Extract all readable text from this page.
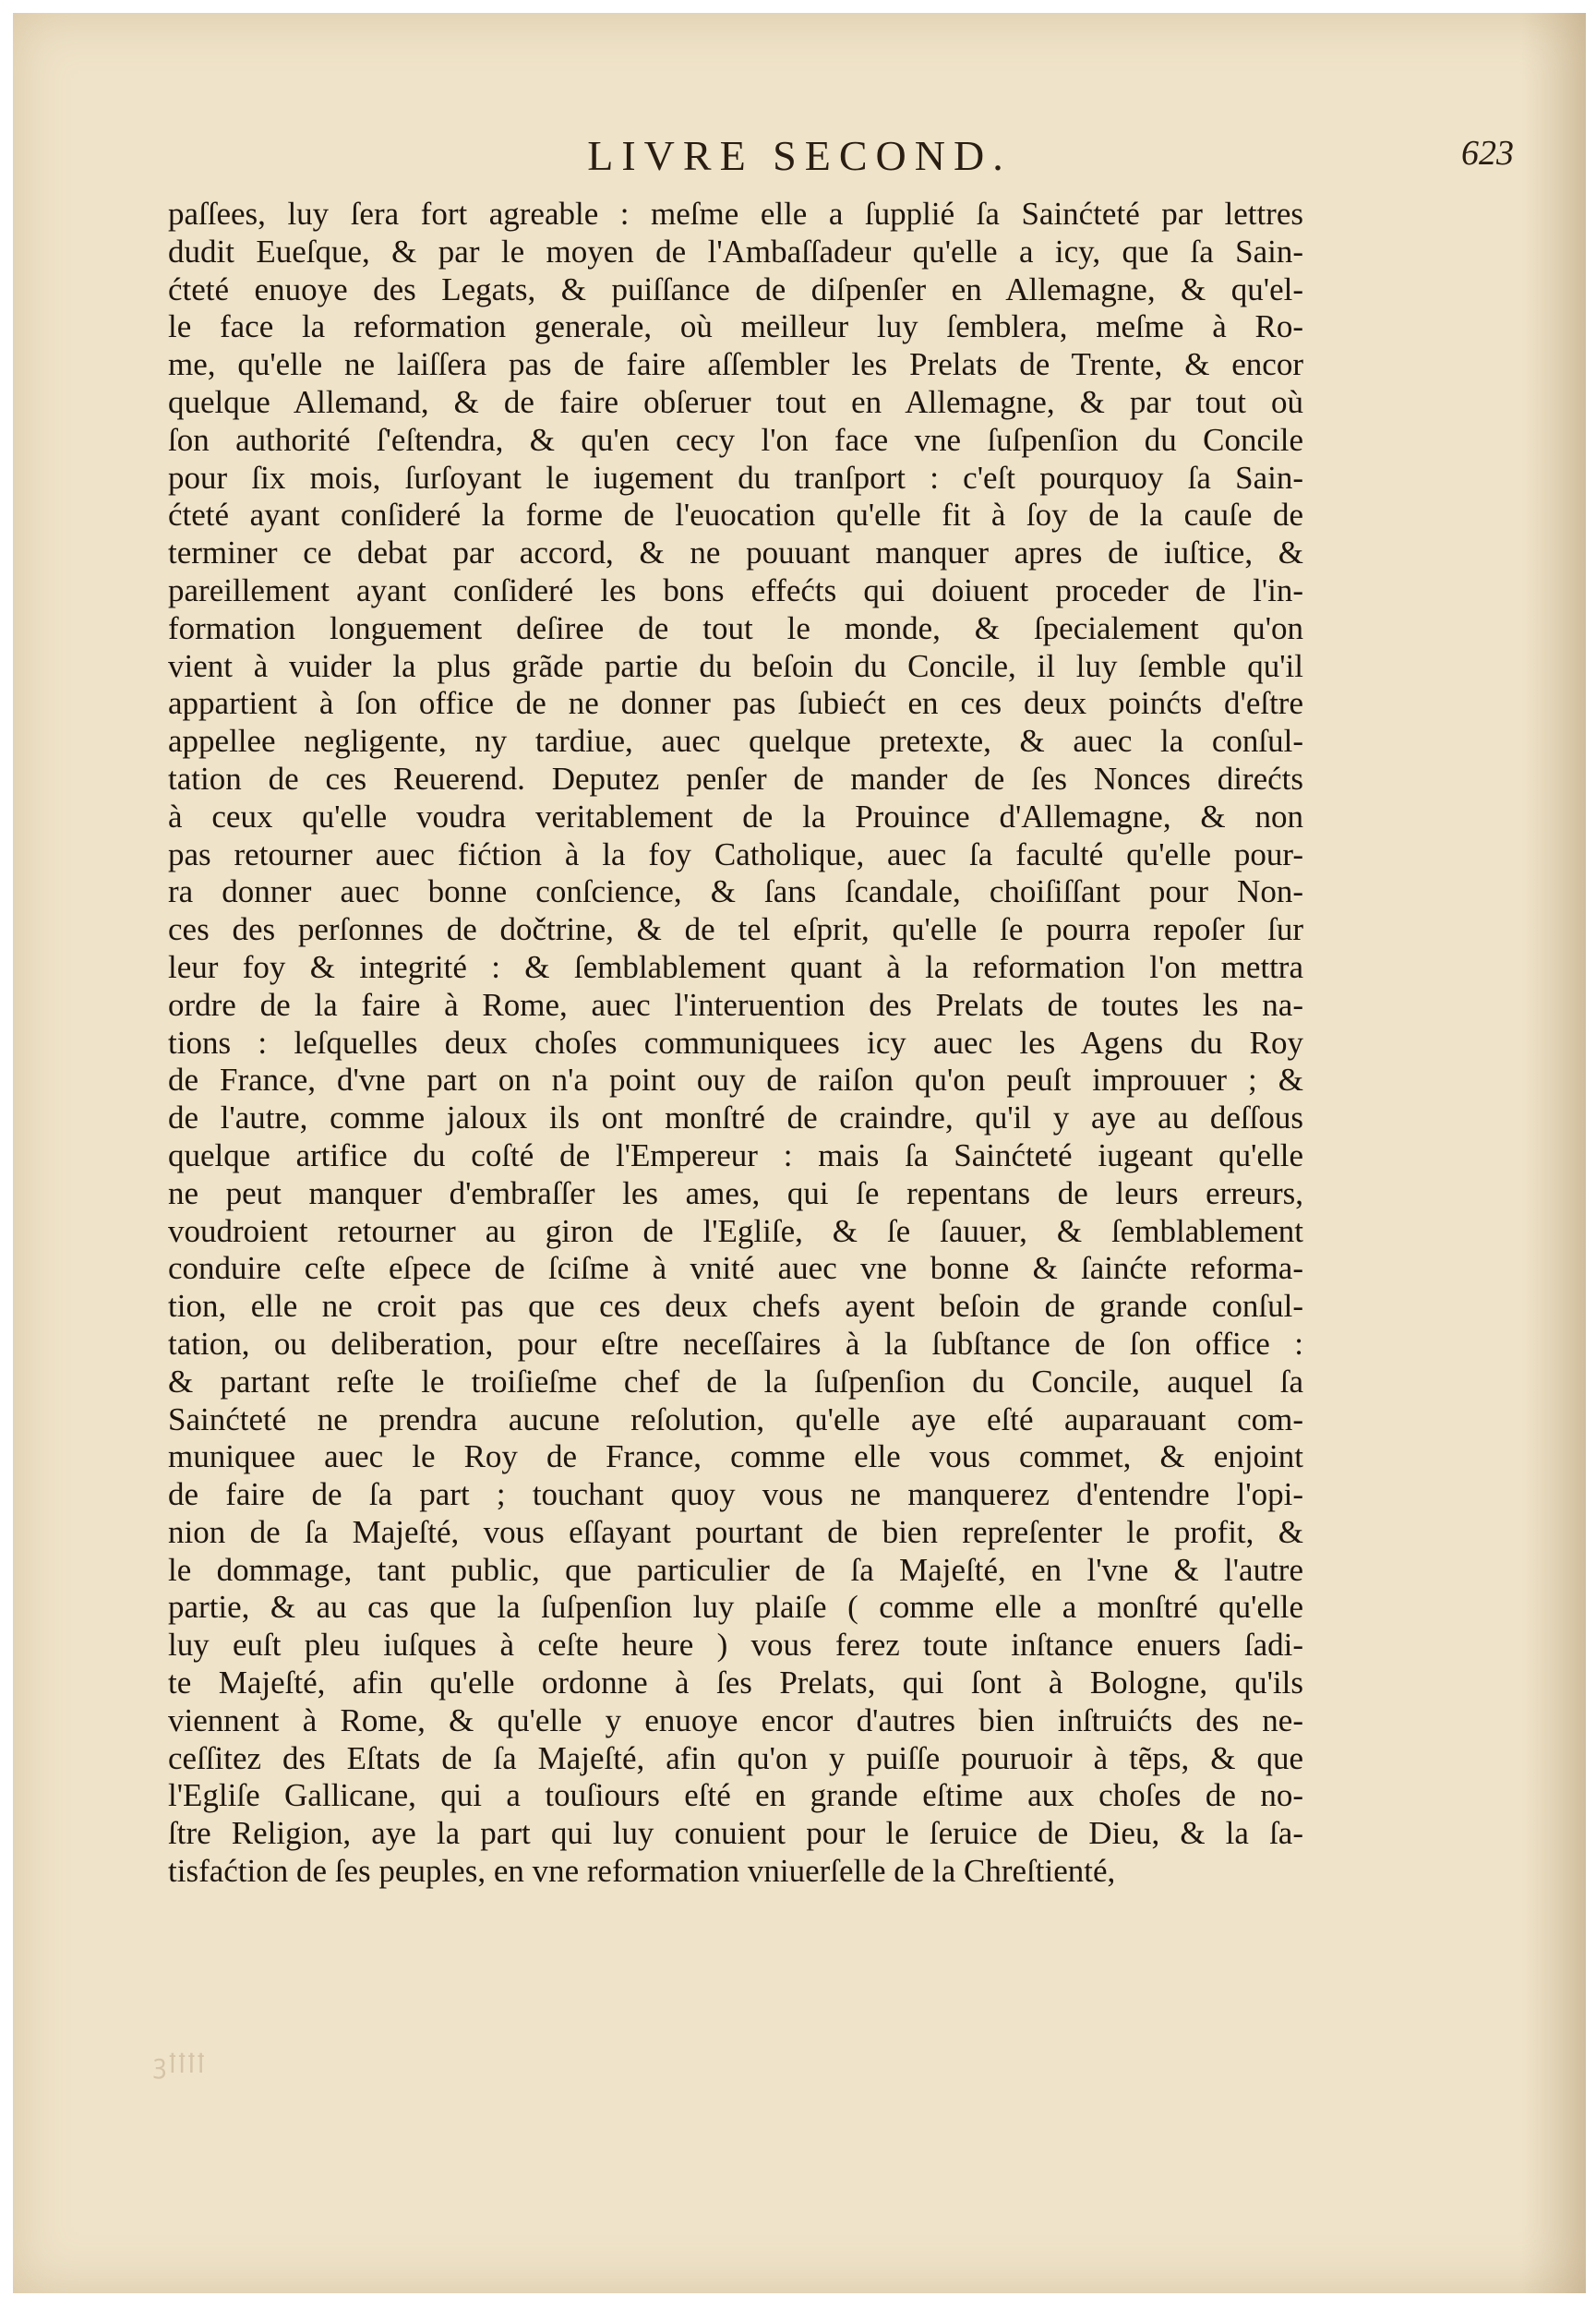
LIVRE SECOND.	623
paſſees, luy ſera fort agreable : meſme elle a ſupplié ſa Sainćteté par lettres
dudit Eueſque, & par le moyen de l'Ambaſſadeur qu'elle a icy, que ſa Sain-
ćteté enuoye des Legats, & puiſſance de diſpenſer en Allemagne, & qu'el-
le face la reformation generale, où meilleur luy ſemblera, meſme à Ro-
me, qu'elle ne laiſſera pas de faire aſſembler les Prelats de Trente, & encor
quelque Allemand, & de faire obſeruer tout en Allemagne, & par tout où
ſon authorité ſ'eſtendra, & qu'en cecy l'on face vne ſuſpenſion du Concile
pour ſix mois, ſurſoyant le iugement du tranſport : c'eſt pourquoy ſa Sain-
ćteté ayant conſideré la forme de l'euocation qu'elle fit à ſoy de la cauſe de
terminer ce debat par accord, & ne pouuant manquer apres de iuſtice, &
pareillement ayant conſideré les bons effećts qui doiuent proceder de l'in-
formation longuement deſiree de tout le monde, & ſpecialement qu'on
vient à vuider la plus grãde partie du beſoin du Concile, il luy ſemble qu'il
appartient à ſon office de ne donner pas ſubiećt en ces deux poinćts d'eſtre
appellee negligente, ny tardiue, auec quelque pretexte, & auec la conſul-
tation de ces Reuerend. Deputez penſer de mander de ſes Nonces direćts
à ceux qu'elle voudra veritablement de la Prouince d'Allemagne, & non
pas retourner auec fićtion à la foy Catholique, auec ſa faculté qu'elle pour-
ra donner auec bonne conſcience, & ſans ſcandale, choiſiſſant pour Non-
ces des perſonnes de dočtrine, & de tel eſprit, qu'elle ſe pourra repoſer ſur
leur foy & integrité : & ſemblablement quant à la reformation l'on mettra
ordre de la faire à Rome, auec l'interuention des Prelats de toutes les na-
tions : leſquelles deux choſes communiquees icy auec les Agens du Roy
de France, d'vne part on n'a point ouy de raiſon qu'on peuſt improuuer ; &
de l'autre, comme jaloux ils ont monſtré de craindre, qu'il y aye au deſſous
quelque artifice du coſté de l'Empereur : mais ſa Sainćteté iugeant qu'elle
ne peut manquer d'embraſſer les ames, qui ſe repentans de leurs erreurs,
voudroient retourner au giron de l'Egliſe, & ſe ſauuer, & ſemblablement
conduire ceſte eſpece de ſciſme à vnité auec vne bonne & ſainćte reforma-
tion, elle ne croit pas que ces deux chefs ayent beſoin de grande conſul-
tation, ou deliberation, pour eſtre neceſſaires à la ſubſtance de ſon office :
& partant reſte le troiſieſme chef de la ſuſpenſion du Concile, auquel ſa
Sainćteté ne prendra aucune reſolution, qu'elle aye eſté auparauant com-
muniquee auec le Roy de France, comme elle vous commet, & enjoint
de faire de ſa part ; touchant quoy vous ne manquerez d'entendre l'opi-
nion de ſa Majeſté, vous eſſayant pourtant de bien repreſenter le profit, &
le dommage, tant public, que particulier de ſa Majeſté, en l'vne & l'autre
partie, & au cas que la ſuſpenſion luy plaiſe ( comme elle a monſtré qu'elle
luy euſt pleu iuſques à ceſte heure ) vous ferez toute inſtance enuers ſadi-
te Majeſté, afin qu'elle ordonne à ſes Prelats, qui ſont à Bologne, qu'ils
viennent à Rome, & qu'elle y enuoye encor d'autres bien inſtruićts des ne-
ceſſitez des Eſtats de ſa Majeſté, afin qu'on y puiſſe pouruoir à tẽps, & que
l'Egliſe Gallicane, qui a touſiours eſté en grande eſtime aux choſes de no-
ſtre Religion, aye la part qui luy conuient pour le ſeruice de Dieu, & la ſa-
tisfaćtion de ſes peuples, en vne reformation vniuerſelle de la Chreſtienté,
ꝫꝉꝉꝉꝉ
